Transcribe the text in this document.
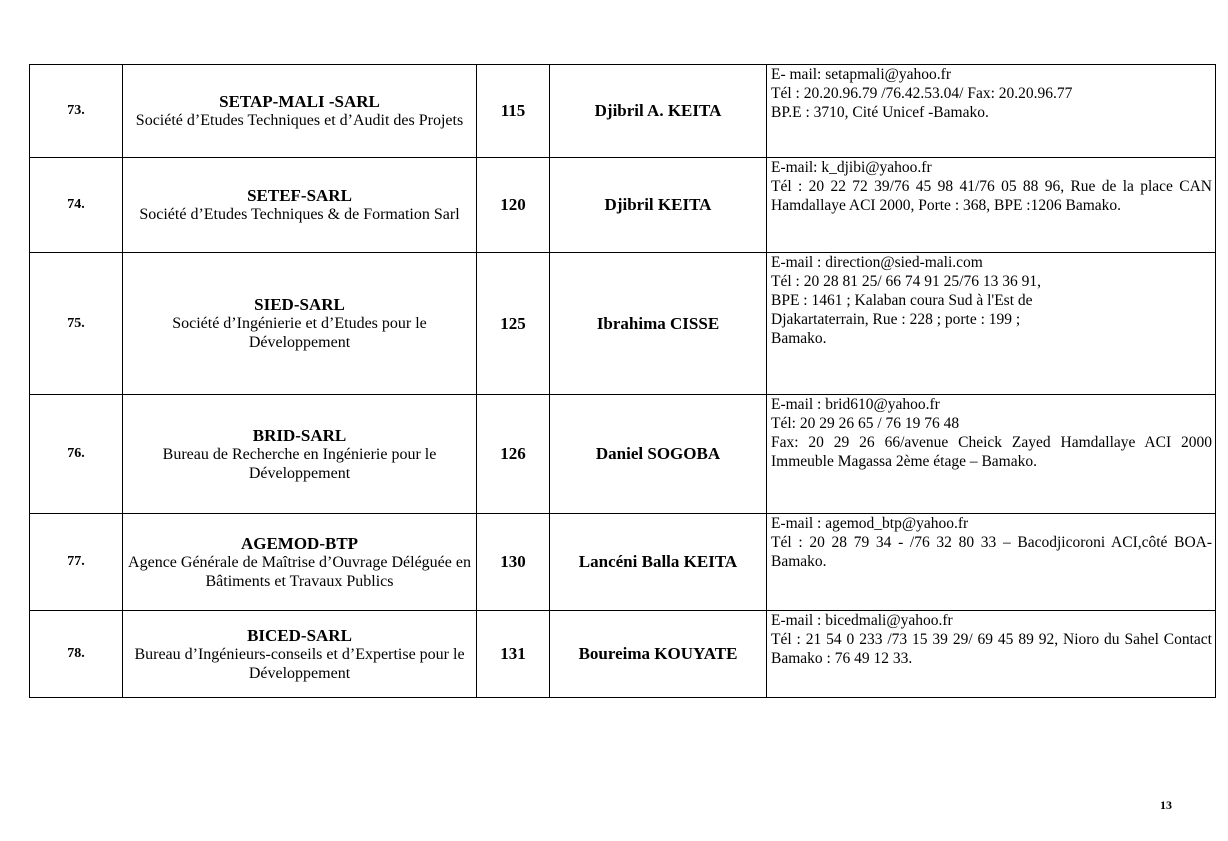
73.	SETAP-MALI -SARL
Société d’Etudes Techniques et d’Audit des Projets	115	Djibril A. KEITA	E- mail: setapmali@yahoo.fr
Tél : 20.20.96.79 /76.42.53.04/ Fax: 20.20.96.77
BP.E : 3710, Cité Unicef -Bamako.

74.	SETEF-SARL
Société d’Etudes Techniques & de Formation Sarl	120	Djibril KEITA	E-mail: k_djibi@yahoo.fr
Tél : 20 22 72 39/76 45 98 41/76 05 88 96, Rue de la place CAN Hamdallaye ACI 2000, Porte : 368, BPE :1206 Bamako.

75.	SIED-SARL
Société d’Ingénierie et d’Etudes pour le Développement	125	Ibrahima CISSE	E-mail : direction@sied-mali.com
Tél : 20 28 81 25/ 66 74 91 25/76 13 36 91,
BPE : 1461 ; Kalaban coura Sud à l'Est de
Djakartaterrain, Rue : 228 ; porte : 199 ;
Bamako.

76.	BRID-SARL
Bureau de Recherche en Ingénierie pour le Développement	126	Daniel SOGOBA	E-mail : brid610@yahoo.fr
Tél: 20 29 26 65 / 76 19 76 48
Fax: 20 29 26 66/avenue Cheick Zayed Hamdallaye ACI 2000 Immeuble Magassa 2ème étage – Bamako.

77.	AGEMOD-BTP
Agence Générale de Maîtrise d’Ouvrage Déléguée en Bâtiments et Travaux Publics	130	Lancéni Balla KEITA	E-mail : agemod_btp@yahoo.fr
Tél : 20 28 79 34 - /76 32 80 33 – Bacodjicoroni ACI,côté BOA- Bamako.

78.	BICED-SARL
Bureau d’Ingénieurs-conseils et d’Expertise pour le Développement	131	Boureima KOUYATE	E-mail : bicedmali@yahoo.fr
Tél : 21 54 0 233 /73 15 39 29/ 69 45 89 92, Nioro du Sahel Contact Bamako : 76 49 12 33.
13
